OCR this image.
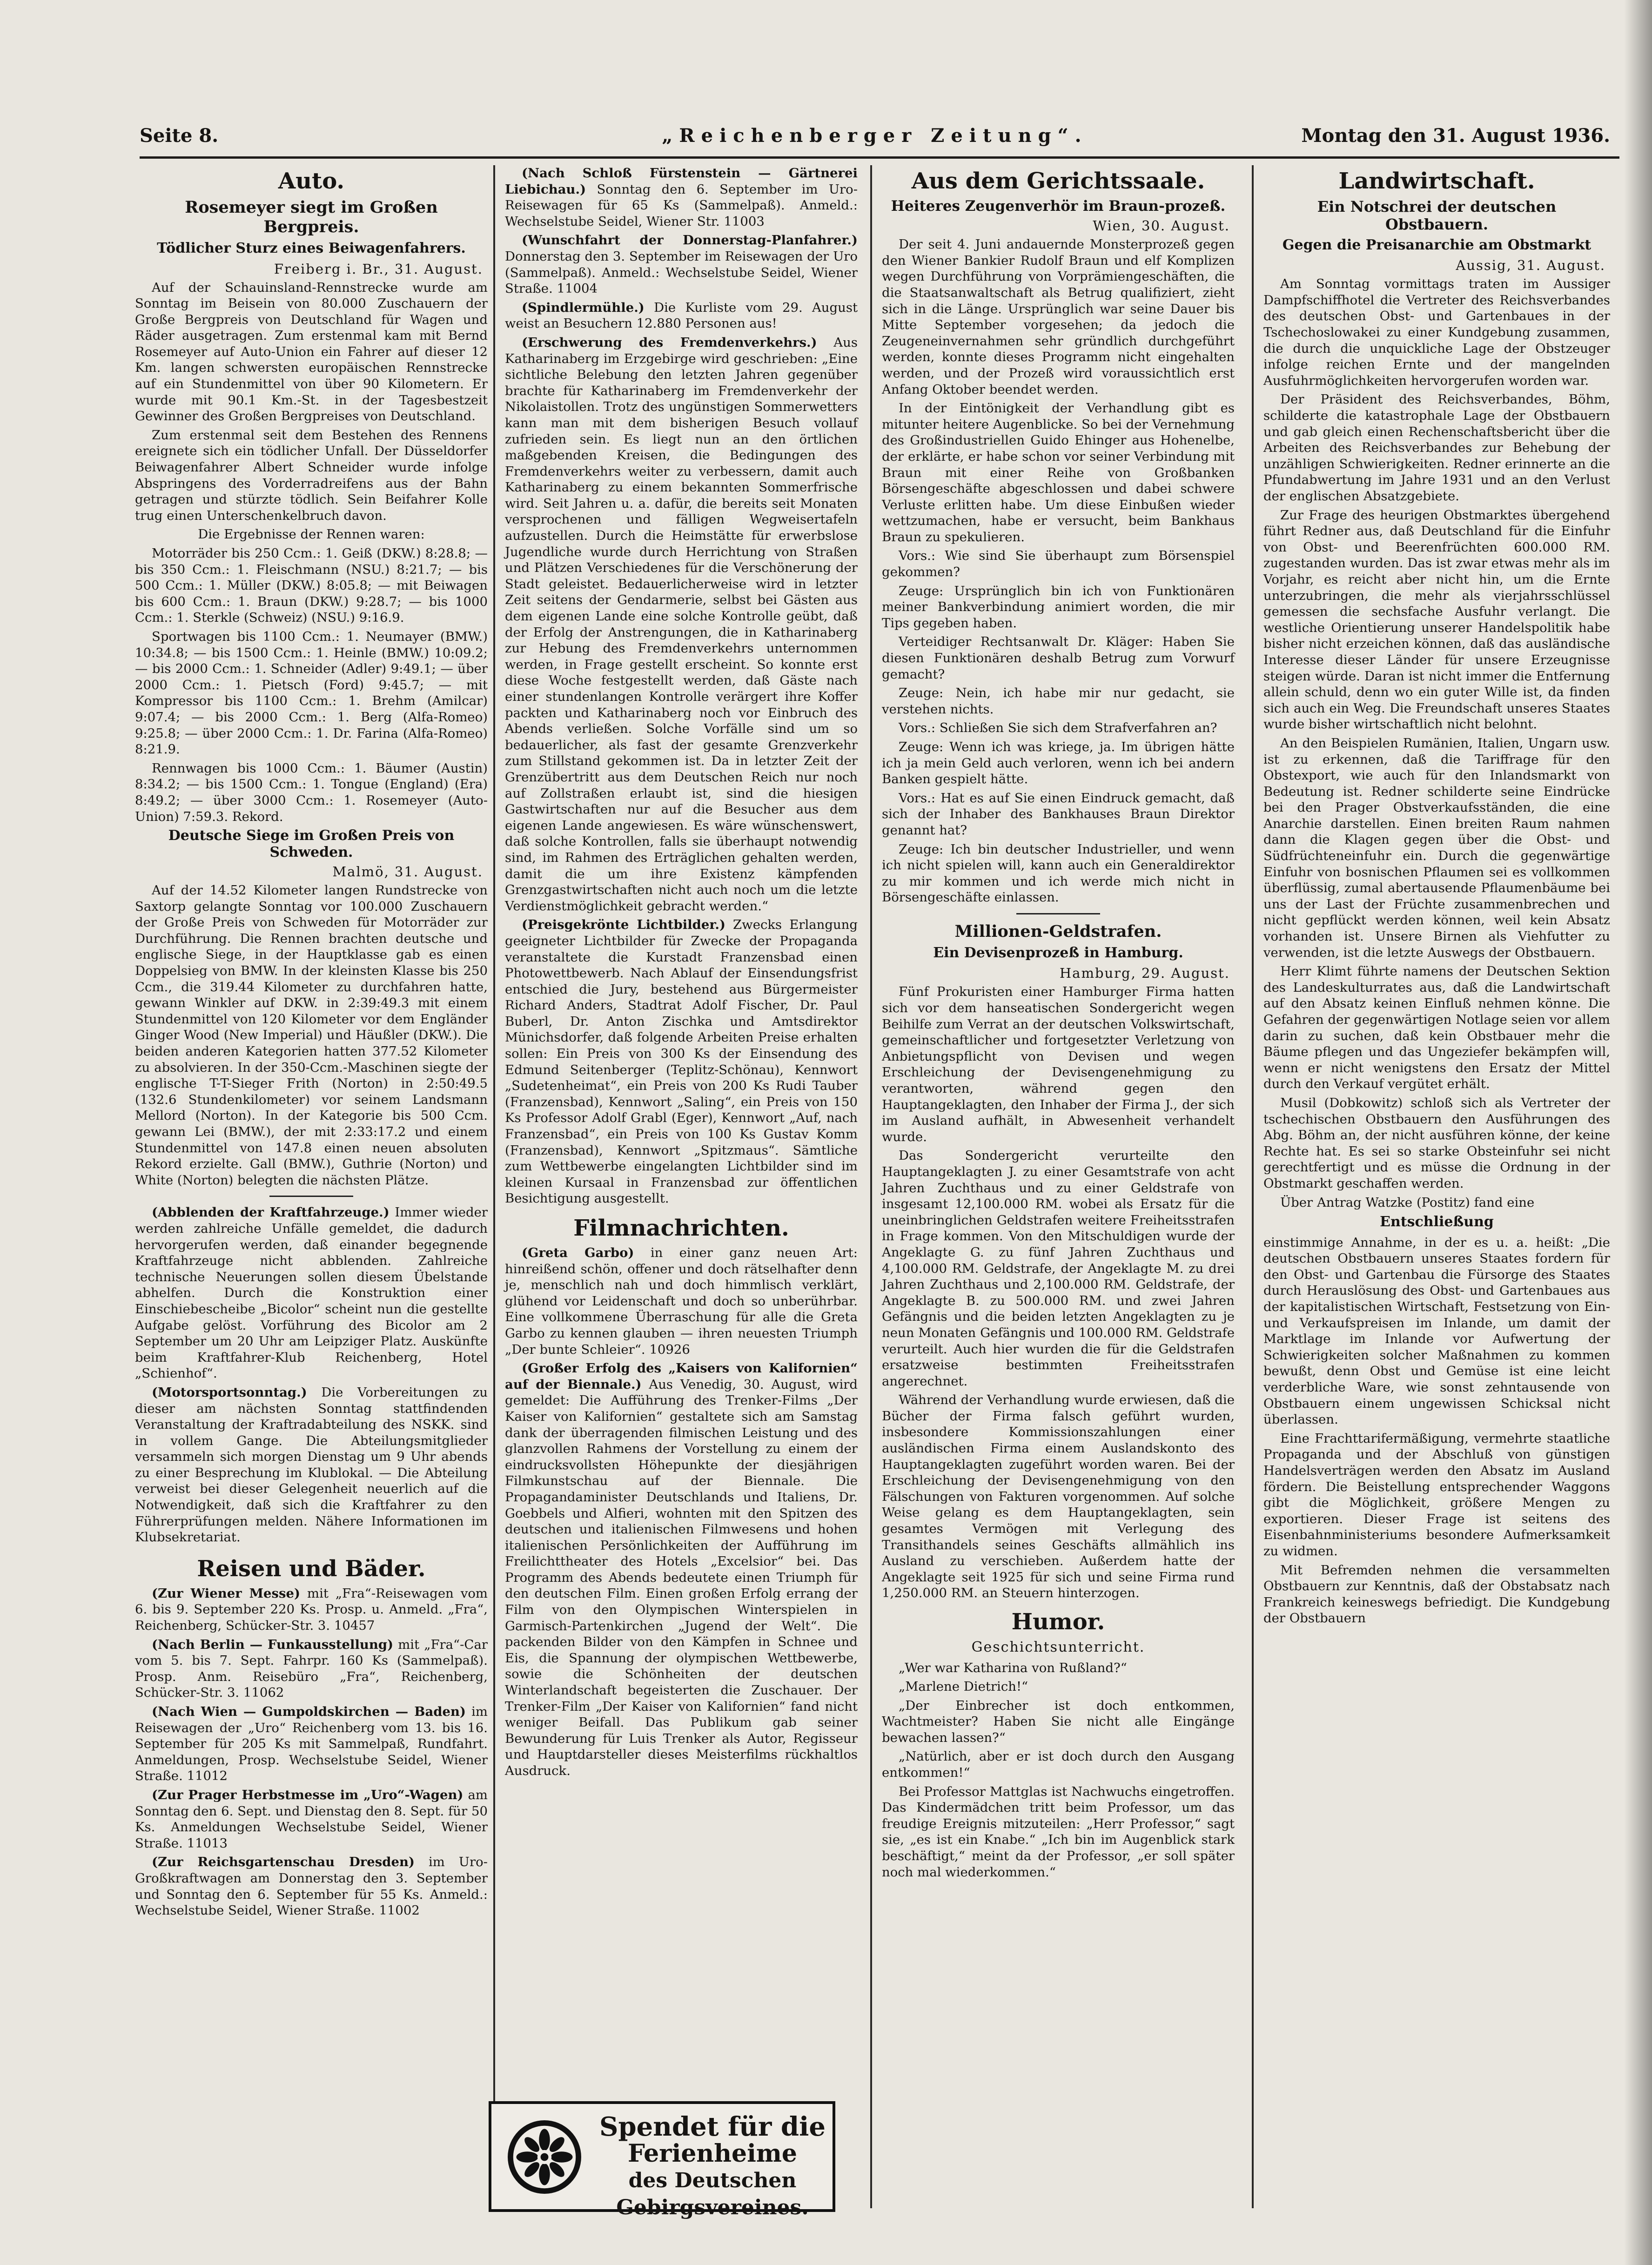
Seite 8.	„Reichenberger Zeitung“.	Montag den 31. August 1936.
Auto.
Rosemeyer siegt im Großen Bergpreis.
Tödlicher Sturz eines Beiwagenfahrers.
Freiberg i. Br., 31. August.

Auf der Schauinsland-Rennstrecke wurde am Sonntag im Beisein von 80.000 Zuschauern der Große Bergpreis von Deutschland für Wagen und Räder ausgetragen. Zum erstenmal kam mit Bernd Rosemeyer auf Auto-Union ein Fahrer auf dieser 12 Km. langen schwersten europäischen Rennstrecke auf ein Stundenmittel von über 90 Kilometern. Er wurde mit 90.1 Km.-St. in der Tagesbestzeit Gewinner des Großen Bergpreises von Deutschland.

Zum erstenmal seit dem Bestehen des Rennens ereignete sich ein tödlicher Unfall. Der Düsseldorfer Beiwagenfahrer Albert Schneider wurde infolge Abspringens des Vorderradreifens aus der Bahn getragen und stürzte tödlich. Sein Beifahrer Kolle trug einen Unterschenkelbruch davon.

Die Ergebnisse der Rennen waren:

Motorräder bis 250 Ccm.: 1. Geiß (DKW.) 8:28.8; — bis 350 Ccm.: 1. Fleischmann (NSU.) 8:21.7; — bis 500 Ccm.: 1. Müller (DKW.) 8:05.8; — mit Beiwagen bis 600 Ccm.: 1. Braun (DKW.) 9:28.7; — bis 1000 Ccm.: 1. Sterkle (Schweiz) (NSU.) 9:16.9.

Sportwagen bis 1100 Ccm.: 1. Neumayer (BMW.) 10:34.8; — bis 1500 Ccm.: 1. Heinle (BMW.) 10:09.2; — bis 2000 Ccm.: 1. Schneider (Adler) 9:49.1; — über 2000 Ccm.: 1. Pietsch (Ford) 9:45.7; — mit Kompressor bis 1100 Ccm.: 1. Brehm (Amilcar) 9:07.4; — bis 2000 Ccm.: 1. Berg (Alfa-Romeo) 9:25.8; — über 2000 Ccm.: 1. Dr. Farina (Alfa-Romeo) 8:21.9.

Rennwagen bis 1000 Ccm.: 1. Bäumer (Austin) 8:34.2; — bis 1500 Ccm.: 1. Tongue (England) (Era) 8:49.2; — über 3000 Ccm.: 1. Rosemeyer (Auto-Union) 7:59.3. Rekord.

Deutsche Siege im Großen Preis von Schweden.
Malmö, 31. August.

Auf der 14.52 Kilometer langen Rundstrecke von Saxtorp gelangte Sonntag vor 100.000 Zuschauern der Große Preis von Schweden für Motorräder zur Durchführung. Die Rennen brachten deutsche und englische Siege, in der Hauptklasse gab es einen Doppelsieg von BMW. In der kleinsten Klasse bis 250 Ccm., die 319.44 Kilometer zu durchfahren hatte, gewann Winkler auf DKW. in 2:39:49.3 mit einem Stundenmittel von 120 Kilometer vor dem Engländer Ginger Wood (New Imperial) und Häußler (DKW.). Die beiden anderen Kategorien hatten 377.52 Kilometer zu absolvieren. In der 350-Ccm.-Maschinen siegte der englische T-T-Sieger Frith (Norton) in 2:50:49.5 (132.6 Stundenkilometer) vor seinem Landsmann Mellord (Norton). In der Kategorie bis 500 Ccm. gewann Lei (BMW.), der mit 2:33:17.2 und einem Stundenmittel von 147.8 einen neuen absoluten Rekord erzielte. Gall (BMW.), Guthrie (Norton) und White (Norton) belegten die nächsten Plätze.

(Abblenden der Kraftfahrzeuge.) Immer wieder werden zahlreiche Unfälle gemeldet, die dadurch hervorgerufen werden, daß einander begegnende Kraftfahrzeuge nicht abblenden. Zahlreiche technische Neuerungen sollen diesem Übelstande abhelfen. Durch die Konstruktion einer Einschiebescheibe „Bicolor“ scheint nun die gestellte Aufgabe gelöst. Vorführung des Bicolor am 2 September um 20 Uhr am Leipziger Platz. Auskünfte beim Kraftfahrer-Klub Reichenberg, Hotel „Schienhof“.

(Motorsportsonntag.) Die Vorbereitungen zu dieser am nächsten Sonntag stattfindenden Veranstaltung der Kraftradabteilung des NSKK. sind in vollem Gange. Die Abteilungsmitglieder versammeln sich morgen Dienstag um 9 Uhr abends zu einer Besprechung im Klublokal. — Die Abteilung verweist bei dieser Gelegenheit neuerlich auf die Notwendigkeit, daß sich die Kraftfahrer zu den Führerprüfungen melden. Nähere Informationen im Klubsekretariat.

Reisen und Bäder.

(Zur Wiener Messe) mit „Fra“-Reisewagen vom 6. bis 9. September 220 Ks. Prosp. u. Anmeld. „Fra“, Reichenberg, Schücker-Str. 3. 10457

(Nach Berlin — Funkausstellung) mit „Fra“-Car vom 5. bis 7. Sept. Fahrpr. 160 Ks (Sammelpaß). Prosp. Anm. Reisebüro „Fra“, Reichenberg, Schücker-Str. 3. 11062

(Nach Wien — Gumpoldskirchen — Baden) im Reisewagen der „Uro“ Reichenberg vom 13. bis 16. September für 205 Ks mit Sammelpaß, Rundfahrt. Anmeldungen, Prosp. Wechselstube Seidel, Wiener Straße. 11012

(Zur Prager Herbstmesse im „Uro“-Wagen) am Sonntag den 6. Sept. und Dienstag den 8. Sept. für 50 Ks. Anmeldungen Wechselstube Seidel, Wiener Straße. 11013

(Zur Reichsgartenschau Dresden) im Uro-Großkraftwagen am Donnerstag den 3. September und Sonntag den 6. September für 55 Ks. Anmeld.: Wechselstube Seidel, Wiener Straße. 11002

(Nach Schloß Fürstenstein — Gärtnerei Liebichau.) Sonntag den 6. September im Uro-Reisewagen für 65 Ks (Sammelpaß). Anmeld.: Wechselstube Seidel, Wiener Str. 11003

(Wunschfahrt der Donnerstag-Planfahrer.) Donnerstag den 3. September im Reisewagen der Uro (Sammelpaß). Anmeld.: Wechselstube Seidel, Wiener Straße. 11004

(Spindlermühle.) Die Kurliste vom 29. August weist an Besuchern 12.880 Personen aus!

(Erschwerung des Fremdenverkehrs.) Aus Katharinaberg im Erzgebirge wird geschrieben: „Eine sichtliche Belebung den letzten Jahren gegenüber brachte für Katharinaberg im Fremdenverkehr der Nikolaistollen. Trotz des ungünstigen Sommerwetters kann man mit dem bisherigen Besuch vollauf zufrieden sein. Es liegt nun an den örtlichen maßgebenden Kreisen, die Bedingungen des Fremdenverkehrs weiter zu verbessern, damit auch Katharinaberg zu einem bekannten Sommerfrische wird. Seit Jahren u. a. dafür, die bereits seit Monaten versprochenen und fälligen Wegweisertafeln aufzustellen. Durch die Heimstätte für erwerbslose Jugendliche wurde durch Herrichtung von Straßen und Plätzen Verschiedenes für die Verschönerung der Stadt geleistet. Bedauerlicherweise wird in letzter Zeit seitens der Gendarmerie, selbst bei Gästen aus dem eigenen Lande eine solche Kontrolle geübt, daß der Erfolg der Anstrengungen, die in Katharinaberg zur Hebung des Fremdenverkehrs unternommen werden, in Frage gestellt erscheint. So konnte erst diese Woche festgestellt werden, daß Gäste nach einer stundenlangen Kontrolle verärgert ihre Koffer packten und Katharinaberg noch vor Einbruch des Abends verließen. Solche Vorfälle sind um so bedauerlicher, als fast der gesamte Grenzverkehr zum Stillstand gekommen ist. Da in letzter Zeit der Grenzübertritt aus dem Deutschen Reich nur noch auf Zollstraßen erlaubt ist, sind die hiesigen Gastwirtschaften nur auf die Besucher aus dem eigenen Lande angewiesen. Es wäre wünschenswert, daß solche Kontrollen, falls sie überhaupt notwendig sind, im Rahmen des Erträglichen gehalten werden, damit die um ihre Existenz kämpfenden Grenzgastwirtschaften nicht auch noch um die letzte Verdienstmöglichkeit gebracht werden.“

(Preisgekrönte Lichtbilder.) Zwecks Erlangung geeigneter Lichtbilder für Zwecke der Propaganda veranstaltete die Kurstadt Franzensbad einen Photowettbewerb. Nach Ablauf der Einsendungsfrist entschied die Jury, bestehend aus Bürgermeister Richard Anders, Stadtrat Adolf Fischer, Dr. Paul Buberl, Dr. Anton Zischka und Amtsdirektor Münichsdorfer, daß folgende Arbeiten Preise erhalten sollen: Ein Preis von 300 Ks der Einsendung des Edmund Seitenberger (Teplitz-Schönau), Kennwort „Sudetenheimat“, ein Preis von 200 Ks Rudi Tauber (Franzensbad), Kennwort „Saling“, ein Preis von 150 Ks Professor Adolf Grabl (Eger), Kennwort „Auf, nach Franzensbad“, ein Preis von 100 Ks Gustav Komm (Franzensbad), Kennwort „Spitzmaus“. Sämtliche zum Wettbewerbe eingelangten Lichtbilder sind im kleinen Kursaal in Franzensbad zur öffentlichen Besichtigung ausgestellt.

Filmnachrichten.

(Greta Garbo) in einer ganz neuen Art: hinreißend schön, offener und doch rätselhafter denn je, menschlich nah und doch himmlisch verklärt, glühend vor Leidenschaft und doch so unberührbar. Eine vollkommene Überraschung für alle die Greta Garbo zu kennen glauben — ihren neuesten Triumph „Der bunte Schleier“. 10926

(Großer Erfolg des „Kaisers von Kalifornien“ auf der Biennale.) Aus Venedig, 30. August, wird gemeldet: Die Aufführung des Trenker-Films „Der Kaiser von Kalifornien“ gestaltete sich am Samstag dank der überragenden filmischen Leistung und des glanzvollen Rahmens der Vorstellung zu einem der eindrucksvollsten Höhepunkte der diesjährigen Filmkunstschau auf der Biennale. Die Propagandaminister Deutschlands und Italiens, Dr. Goebbels und Alfieri, wohnten mit den Spitzen des deutschen und italienischen Filmwesens und hohen italienischen Persönlichkeiten der Aufführung im Freilichttheater des Hotels „Excelsior“ bei. Das Programm des Abends bedeutete einen Triumph für den deutschen Film. Einen großen Erfolg errang der Film von den Olympischen Winterspielen in Garmisch-Partenkirchen „Jugend der Welt“. Die packenden Bilder von den Kämpfen in Schnee und Eis, die Spannung der olympischen Wettbewerbe, sowie die Schönheiten der deutschen Winterlandschaft begeisterten die Zuschauer. Der Trenker-Film „Der Kaiser von Kalifornien“ fand nicht weniger Beifall. Das Publikum gab seiner Bewunderung für Luis Trenker als Autor, Regisseur und Hauptdarsteller dieses Meisterfilms rückhaltlos Ausdruck.

Spendet für die
Ferienheime
des Deutschen
Gebirgsvereines.
Aus dem Gerichtssaale.
Heiteres Zeugenverhör im Braun-prozeß.
Wien, 30. August.

Der seit 4. Juni andauernde Monsterprozeß gegen den Wiener Bankier Rudolf Braun und elf Komplizen wegen Durchführung von Vorprämiengeschäften, die die Staatsanwaltschaft als Betrug qualifiziert, zieht sich in die Länge. Ursprünglich war seine Dauer bis Mitte September vorgesehen; da jedoch die Zeugeneinvernahmen sehr gründlich durchgeführt werden, konnte dieses Programm nicht eingehalten werden, und der Prozeß wird voraussichtlich erst Anfang Oktober beendet werden.

In der Eintönigkeit der Verhandlung gibt es mitunter heitere Augenblicke. So bei der Vernehmung des Großindustriellen Guido Ehinger aus Hohenelbe, der erklärte, er habe schon vor seiner Verbindung mit Braun mit einer Reihe von Großbanken Börsengeschäfte abgeschlossen und dabei schwere Verluste erlitten habe. Um diese Einbußen wieder wettzumachen, habe er versucht, beim Bankhaus Braun zu spekulieren.

Vors.: Wie sind Sie überhaupt zum Börsenspiel gekommen?

Zeuge: Ursprünglich bin ich von Funktionären meiner Bankverbindung animiert worden, die mir Tips gegeben haben.

Verteidiger Rechtsanwalt Dr. Kläger: Haben Sie diesen Funktionären deshalb Betrug zum Vorwurf gemacht?

Zeuge: Nein, ich habe mir nur gedacht, sie verstehen nichts.

Vors.: Schließen Sie sich dem Strafverfahren an?

Zeuge: Wenn ich was kriege, ja. Im übrigen hätte ich ja mein Geld auch verloren, wenn ich bei andern Banken gespielt hätte.

Vors.: Hat es auf Sie einen Eindruck gemacht, daß sich der Inhaber des Bankhauses Braun Direktor genannt hat?

Zeuge: Ich bin deutscher Industrieller, und wenn ich nicht spielen will, kann auch ein Generaldirektor zu mir kommen und ich werde mich nicht in Börsengeschäfte einlassen.

Millionen-Geldstrafen.
Ein Devisenprozeß in Hamburg.
Hamburg, 29. August.

Fünf Prokuristen einer Hamburger Firma hatten sich vor dem hanseatischen Sondergericht wegen Beihilfe zum Verrat an der deutschen Volkswirtschaft, gemeinschaftlicher und fortgesetzter Verletzung von Anbietungspflicht von Devisen und wegen Erschleichung der Devisengenehmigung zu verantworten, während gegen den Hauptangeklagten, den Inhaber der Firma J., der sich im Ausland aufhält, in Abwesenheit verhandelt wurde.

Das Sondergericht verurteilte den Hauptangeklagten J. zu einer Gesamtstrafe von acht Jahren Zuchthaus und zu einer Geldstrafe von insgesamt 12,100.000 RM. wobei als Ersatz für die uneinbringlichen Geldstrafen weitere Freiheitsstrafen in Frage kommen. Von den Mitschuldigen wurde der Angeklagte G. zu fünf Jahren Zuchthaus und 4,100.000 RM. Geldstrafe, der Angeklagte M. zu drei Jahren Zuchthaus und 2,100.000 RM. Geldstrafe, der Angeklagte B. zu 500.000 RM. und zwei Jahren Gefängnis und die beiden letzten Angeklagten zu je neun Monaten Gefängnis und 100.000 RM. Geldstrafe verurteilt. Auch hier wurden die für die Geldstrafen ersatzweise bestimmten Freiheitsstrafen angerechnet.

Während der Verhandlung wurde erwiesen, daß die Bücher der Firma falsch geführt wurden, insbesondere Kommissionszahlungen einer ausländischen Firma einem Auslandskonto des Hauptangeklagten zugeführt worden waren. Bei der Erschleichung der Devisengenehmigung von den Fälschungen von Fakturen vorgenommen. Auf solche Weise gelang es dem Hauptangeklagten, sein gesamtes Vermögen mit Verlegung des Transithandels seines Geschäfts allmählich ins Ausland zu verschieben. Außerdem hatte der Angeklagte seit 1925 für sich und seine Firma rund 1,250.000 RM. an Steuern hinterzogen.

Humor.
Geschichtsunterricht.

„Wer war Katharina von Rußland?“

„Marlene Dietrich!“

„Der Einbrecher ist doch entkommen, Wachtmeister? Haben Sie nicht alle Eingänge bewachen lassen?“

„Natürlich, aber er ist doch durch den Ausgang entkommen!“

Bei Professor Mattglas ist Nachwuchs eingetroffen. Das Kindermädchen tritt beim Professor, um das freudige Ereignis mitzuteilen: „Herr Professor,“ sagt sie, „es ist ein Knabe.“ „Ich bin im Augenblick stark beschäftigt,“ meint da der Professor, „er soll später noch mal wiederkommen.“

Landwirtschaft.
Ein Notschrei der deutschen Obstbauern.
Gegen die Preisanarchie am Obstmarkt
Aussig, 31. August.

Am Sonntag vormittags traten im Aussiger Dampfschiffhotel die Vertreter des Reichsverbandes des deutschen Obst- und Gartenbaues in der Tschechoslowakei zu einer Kundgebung zusammen, die durch die unquickliche Lage der Obstzeuger infolge reichen Ernte und der mangelnden Ausfuhrmöglichkeiten hervorgerufen worden war.

Der Präsident des Reichsverbandes, Böhm, schilderte die katastrophale Lage der Obstbauern und gab gleich einen Rechenschaftsbericht über die Arbeiten des Reichsverbandes zur Behebung der unzähligen Schwierigkeiten. Redner erinnerte an die Pfundabwertung im Jahre 1931 und an den Verlust der englischen Absatzgebiete.

Zur Frage des heurigen Obstmarktes übergehend führt Redner aus, daß Deutschland für die Einfuhr von Obst- und Beerenfrüchten 600.000 RM. zugestanden wurden. Das ist zwar etwas mehr als im Vorjahr, es reicht aber nicht hin, um die Ernte unterzubringen, die mehr als vierjahrsschlüssel gemessen die sechsfache Ausfuhr verlangt. Die westliche Orientierung unserer Handelspolitik habe bisher nicht erzeichen können, daß das ausländische Interesse dieser Länder für unsere Erzeugnisse steigen würde. Daran ist nicht immer die Entfernung allein schuld, denn wo ein guter Wille ist, da finden sich auch ein Weg. Die Freundschaft unseres Staates wurde bisher wirtschaftlich nicht belohnt.

An den Beispielen Rumänien, Italien, Ungarn usw. ist zu erkennen, daß die Tariffrage für den Obstexport, wie auch für den Inlandsmarkt von Bedeutung ist. Redner schilderte seine Eindrücke bei den Prager Obstverkaufsständen, die eine Anarchie darstellen. Einen breiten Raum nahmen dann die Klagen gegen über die Obst- und Südfrüchteneinfuhr ein. Durch die gegenwärtige Einfuhr von bosnischen Pflaumen sei es vollkommen überflüssig, zumal abertausende Pflaumenbäume bei uns der Last der Früchte zusammenbrechen und nicht gepflückt werden können, weil kein Absatz vorhanden ist. Unsere Birnen als Viehfutter zu verwenden, ist die letzte Auswegs der Obstbauern.

Herr Klimt führte namens der Deutschen Sektion des Landeskulturrates aus, daß die Landwirtschaft auf den Absatz keinen Einfluß nehmen könne. Die Gefahren der gegenwärtigen Notlage seien vor allem darin zu suchen, daß kein Obstbauer mehr die Bäume pflegen und das Ungeziefer bekämpfen will, wenn er nicht wenigstens den Ersatz der Mittel durch den Verkauf vergütet erhält.

Musil (Dobkowitz) schloß sich als Vertreter der tschechischen Obstbauern den Ausführungen des Abg. Böhm an, der nicht ausführen könne, der keine Rechte hat. Es sei so starke Obsteinfuhr sei nicht gerechtfertigt und es müsse die Ordnung in der Obstmarkt geschaffen werden.

Über Antrag Watzke (Postitz) fand eine

Entschließung

einstimmige Annahme, in der es u. a. heißt: „Die deutschen Obstbauern unseres Staates fordern für den Obst- und Gartenbau die Fürsorge des Staates durch Herauslösung des Obst- und Gartenbaues aus der kapitalistischen Wirtschaft, Festsetzung von Ein- und Verkaufspreisen im Inlande, um damit der Marktlage im Inlande vor Aufwertung der Schwierigkeiten solcher Maßnahmen zu kommen bewußt, denn Obst und Gemüse ist eine leicht verderbliche Ware, wie sonst zehntausende von Obstbauern einem ungewissen Schicksal nicht überlassen.

Eine Frachttarifermäßigung, vermehrte staatliche Propaganda und der Abschluß von günstigen Handelsverträgen werden den Absatz im Ausland fördern. Die Beistellung entsprechender Waggons gibt die Möglichkeit, größere Mengen zu exportieren. Dieser Frage ist seitens des Eisenbahnministeriums besondere Aufmerksamkeit zu widmen.

Mit Befremden nehmen die versammelten Obstbauern zur Kenntnis, daß der Obstabsatz nach Frankreich keineswegs befriedigt. Die Kundgebung der Obstbauern
